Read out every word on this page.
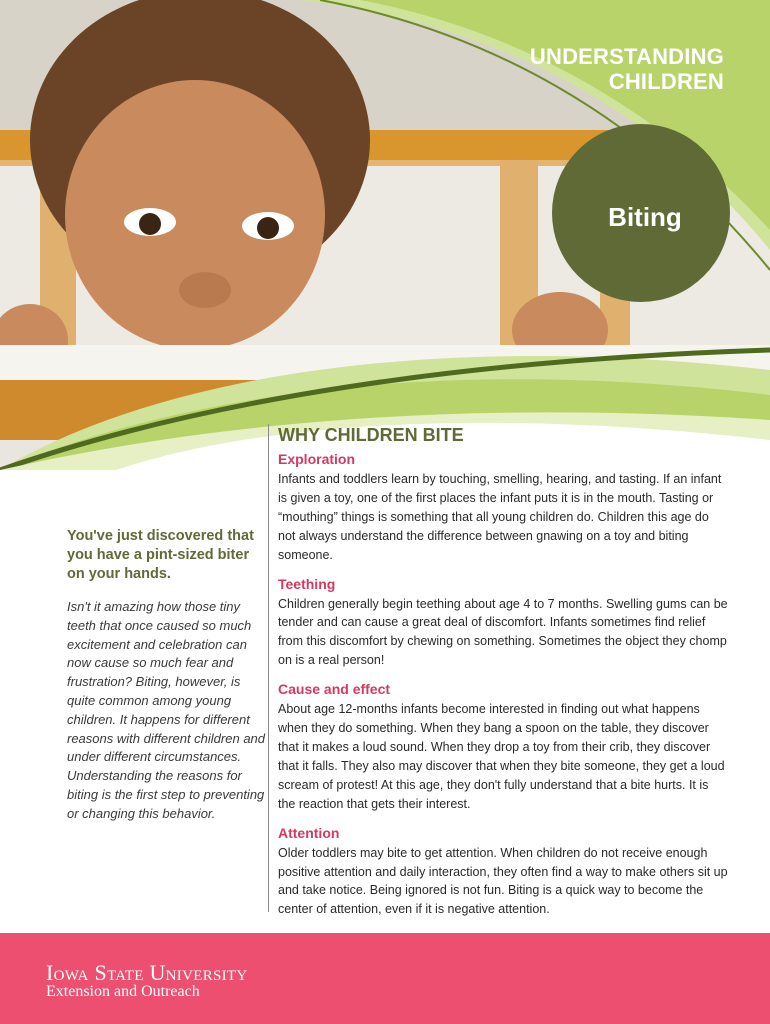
UNDERSTANDING
CHILDREN
Biting

You've just discovered that you have a pint-sized biter on your hands.

Isn't it amazing how those tiny teeth that once caused so much excitement and celebration can now cause so much fear and frustration? Biting, however, is quite common among young children. It happens for different reasons with different children and under different circumstances. Understanding the reasons for biting is the first step to preventing or changing this behavior.

WHY CHILDREN BITE
Exploration

Infants and toddlers learn by touching, smelling, hearing, and tasting. If an infant is given a toy, one of the first places the infant puts it is in the mouth. Tasting or “mouthing” things is something that all young children do. Children this age do not always understand the difference between gnawing on a toy and biting someone.

Teething

Children generally begin teething about age 4 to 7 months. Swelling gums can be tender and can cause a great deal of discomfort. Infants sometimes find relief from this discomfort by chewing on something. Sometimes the object they chomp on is a real person!

Cause and effect

About age 12-months infants become interested in finding out what happens when they do something. When they bang a spoon on the table, they discover that it makes a loud sound. When they drop a toy from their crib, they discover that it falls. They also may discover that when they bite someone, they get a loud scream of protest! At this age, they don't fully understand that a bite hurts. It is the reaction that gets their interest.

Attention

Older toddlers may bite to get attention. When children do not receive enough positive attention and daily interaction, they often find a way to make others sit up and take notice. Being ignored is not fun. Biting is a quick way to become the center of attention, even if it is negative attention.

Iowa State University
Extension and Outreach
